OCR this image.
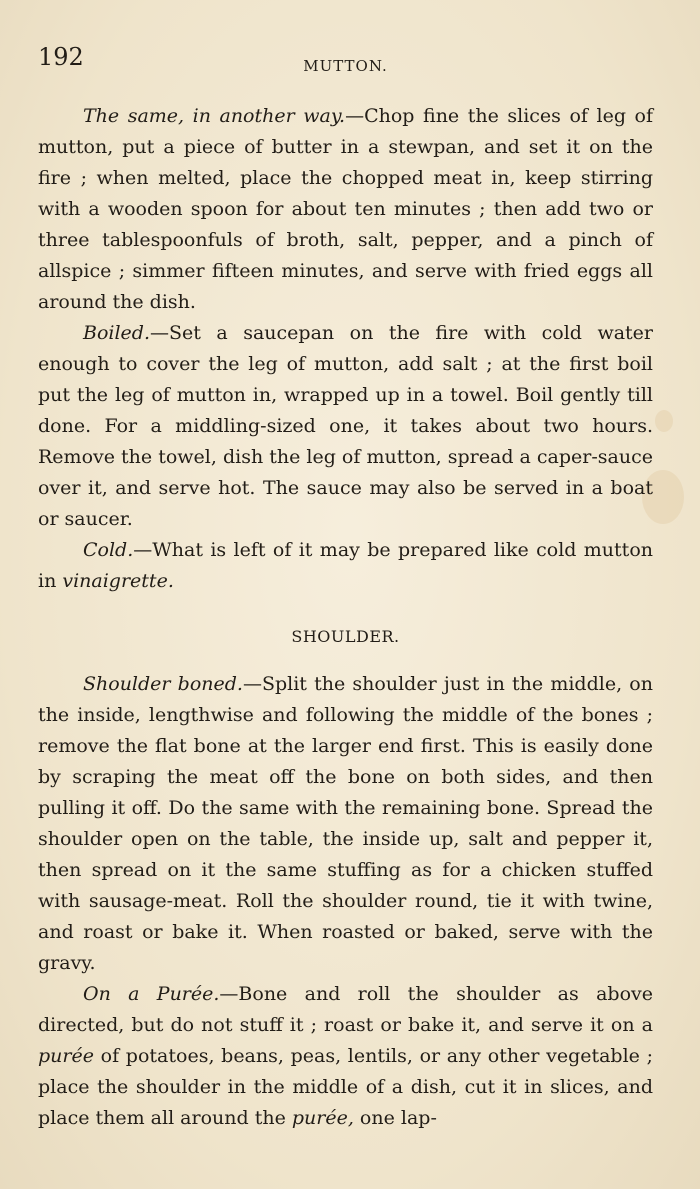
192	MUTTON.

The same, in another way.—Chop fine the slices of leg of mutton, put a piece of butter in a stewpan, and set it on the fire ; when melted, place the chopped meat in, keep stirring with a wooden spoon for about ten minutes ; then add two or three tablespoonfuls of broth, salt, pepper, and a pinch of allspice ; simmer fifteen minutes, and serve with fried eggs all around the dish.

Boiled.—Set a saucepan on the fire with cold water enough to cover the leg of mutton, add salt ; at the first boil put the leg of mutton in, wrapped up in a towel. Boil gently till done. For a middling-sized one, it takes about two hours. Remove the towel, dish the leg of mutton, spread a caper-sauce over it, and serve hot. The sauce may also be served in a boat or saucer.

Cold.—What is left of it may be prepared like cold mutton in vinaigrette.

SHOULDER.

Shoulder boned.—Split the shoulder just in the middle, on the inside, lengthwise and following the middle of the bones ; remove the flat bone at the larger end first. This is easily done by scraping the meat off the bone on both sides, and then pulling it off. Do the same with the remaining bone. Spread the shoulder open on the table, the inside up, salt and pepper it, then spread on it the same stuffing as for a chicken stuffed with sausage-meat. Roll the shoulder round, tie it with twine, and roast or bake it. When roasted or baked, serve with the gravy.

On a Purée.—Bone and roll the shoulder as above directed, but do not stuff it ; roast or bake it, and serve it on a purée of potatoes, beans, peas, lentils, or any other vegetable ; place the shoulder in the middle of a dish, cut it in slices, and place them all around the purée, one lap-
